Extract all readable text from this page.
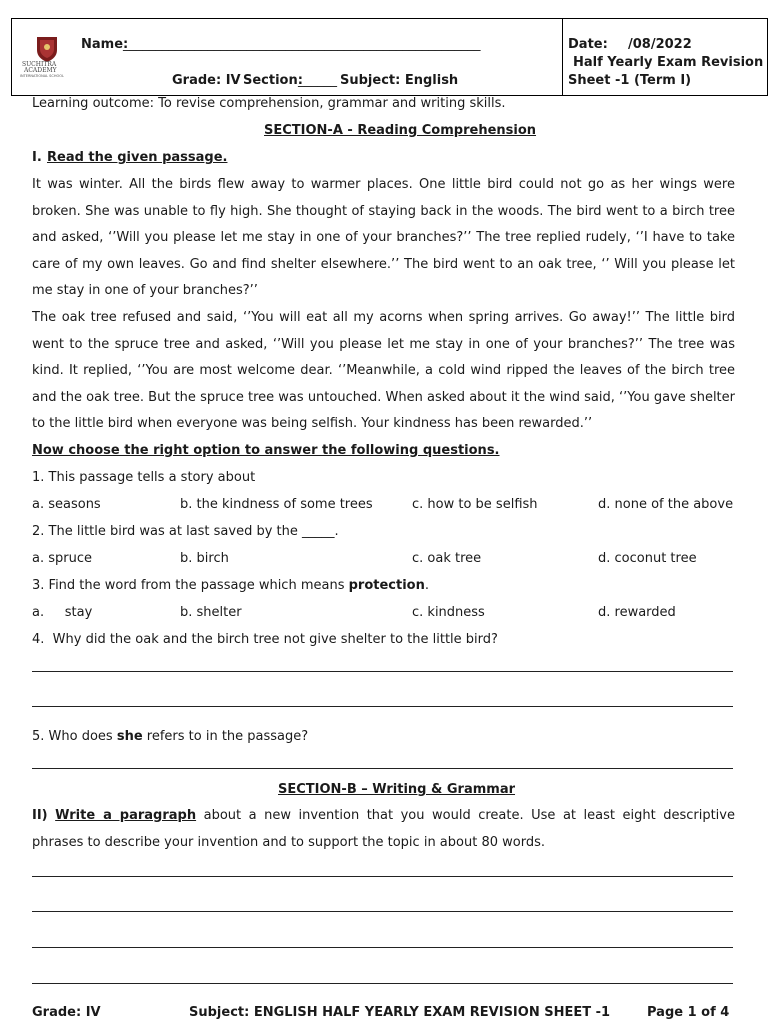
SUCHITRA
ACADEMY
INTERNATIONAL SCHOOL
Name:
_______________________________________________________
Grade: IV Section:
______ Subject: English
Date: /08/2022
Half Yearly Exam Revision
Sheet -1 (Term I)
Learning outcome: To revise comprehension, grammar and writing skills.
SECTION-A - Reading Comprehension
I. Read the given passage.

It was winter. All the birds flew away to warmer places. One little bird could not go as her wings were broken. She was unable to fly high. She thought of staying back in the woods. The bird went to a birch tree and asked, ‘’Will you please let me stay in one of your branches?’’ The tree replied rudely, ‘’I have to take care of my own leaves. Go and find shelter elsewhere.’’ The bird went to an oak tree, ‘’ Will you please let me stay in one of your branches?’’

The oak tree refused and said, ‘’You will eat all my acorns when spring arrives. Go away!’’ The little bird went to the spruce tree and asked, ‘’Will you please let me stay in one of your branches?’’ The tree was kind. It replied, ‘’You are most welcome dear. ‘’Meanwhile, a cold wind ripped the leaves of the birch tree and the oak tree. But the spruce tree was untouched. When asked about it the wind said, ‘’You gave shelter to the little bird when everyone was being selfish. Your kindness has been rewarded.’’

Now choose the right option to answer the following questions.
1. This passage tells a story about
a. seasons	b. the kindness of some trees	c. how to be selfish	d. none of the above
2. The little bird was at last saved by the _____.
a. spruce	b. birch	c. oak tree	d. coconut tree
3. Find the word from the passage which means protection.
a.     stay	b. shelter	c. kindness	d. rewarded
4.  Why did the oak and the birch tree not give shelter to the little bird?
5. Who does she refers to in the passage?
SECTION-B – Writing & Grammar

II) Write a paragraph about a new invention that you would create. Use at least eight descriptive phrases to describe your invention and to support the topic in about 80 words.

Grade: IV	Subject: ENGLISH HALF YEARLY EXAM REVISION SHEET -1	Page 1 of 4
